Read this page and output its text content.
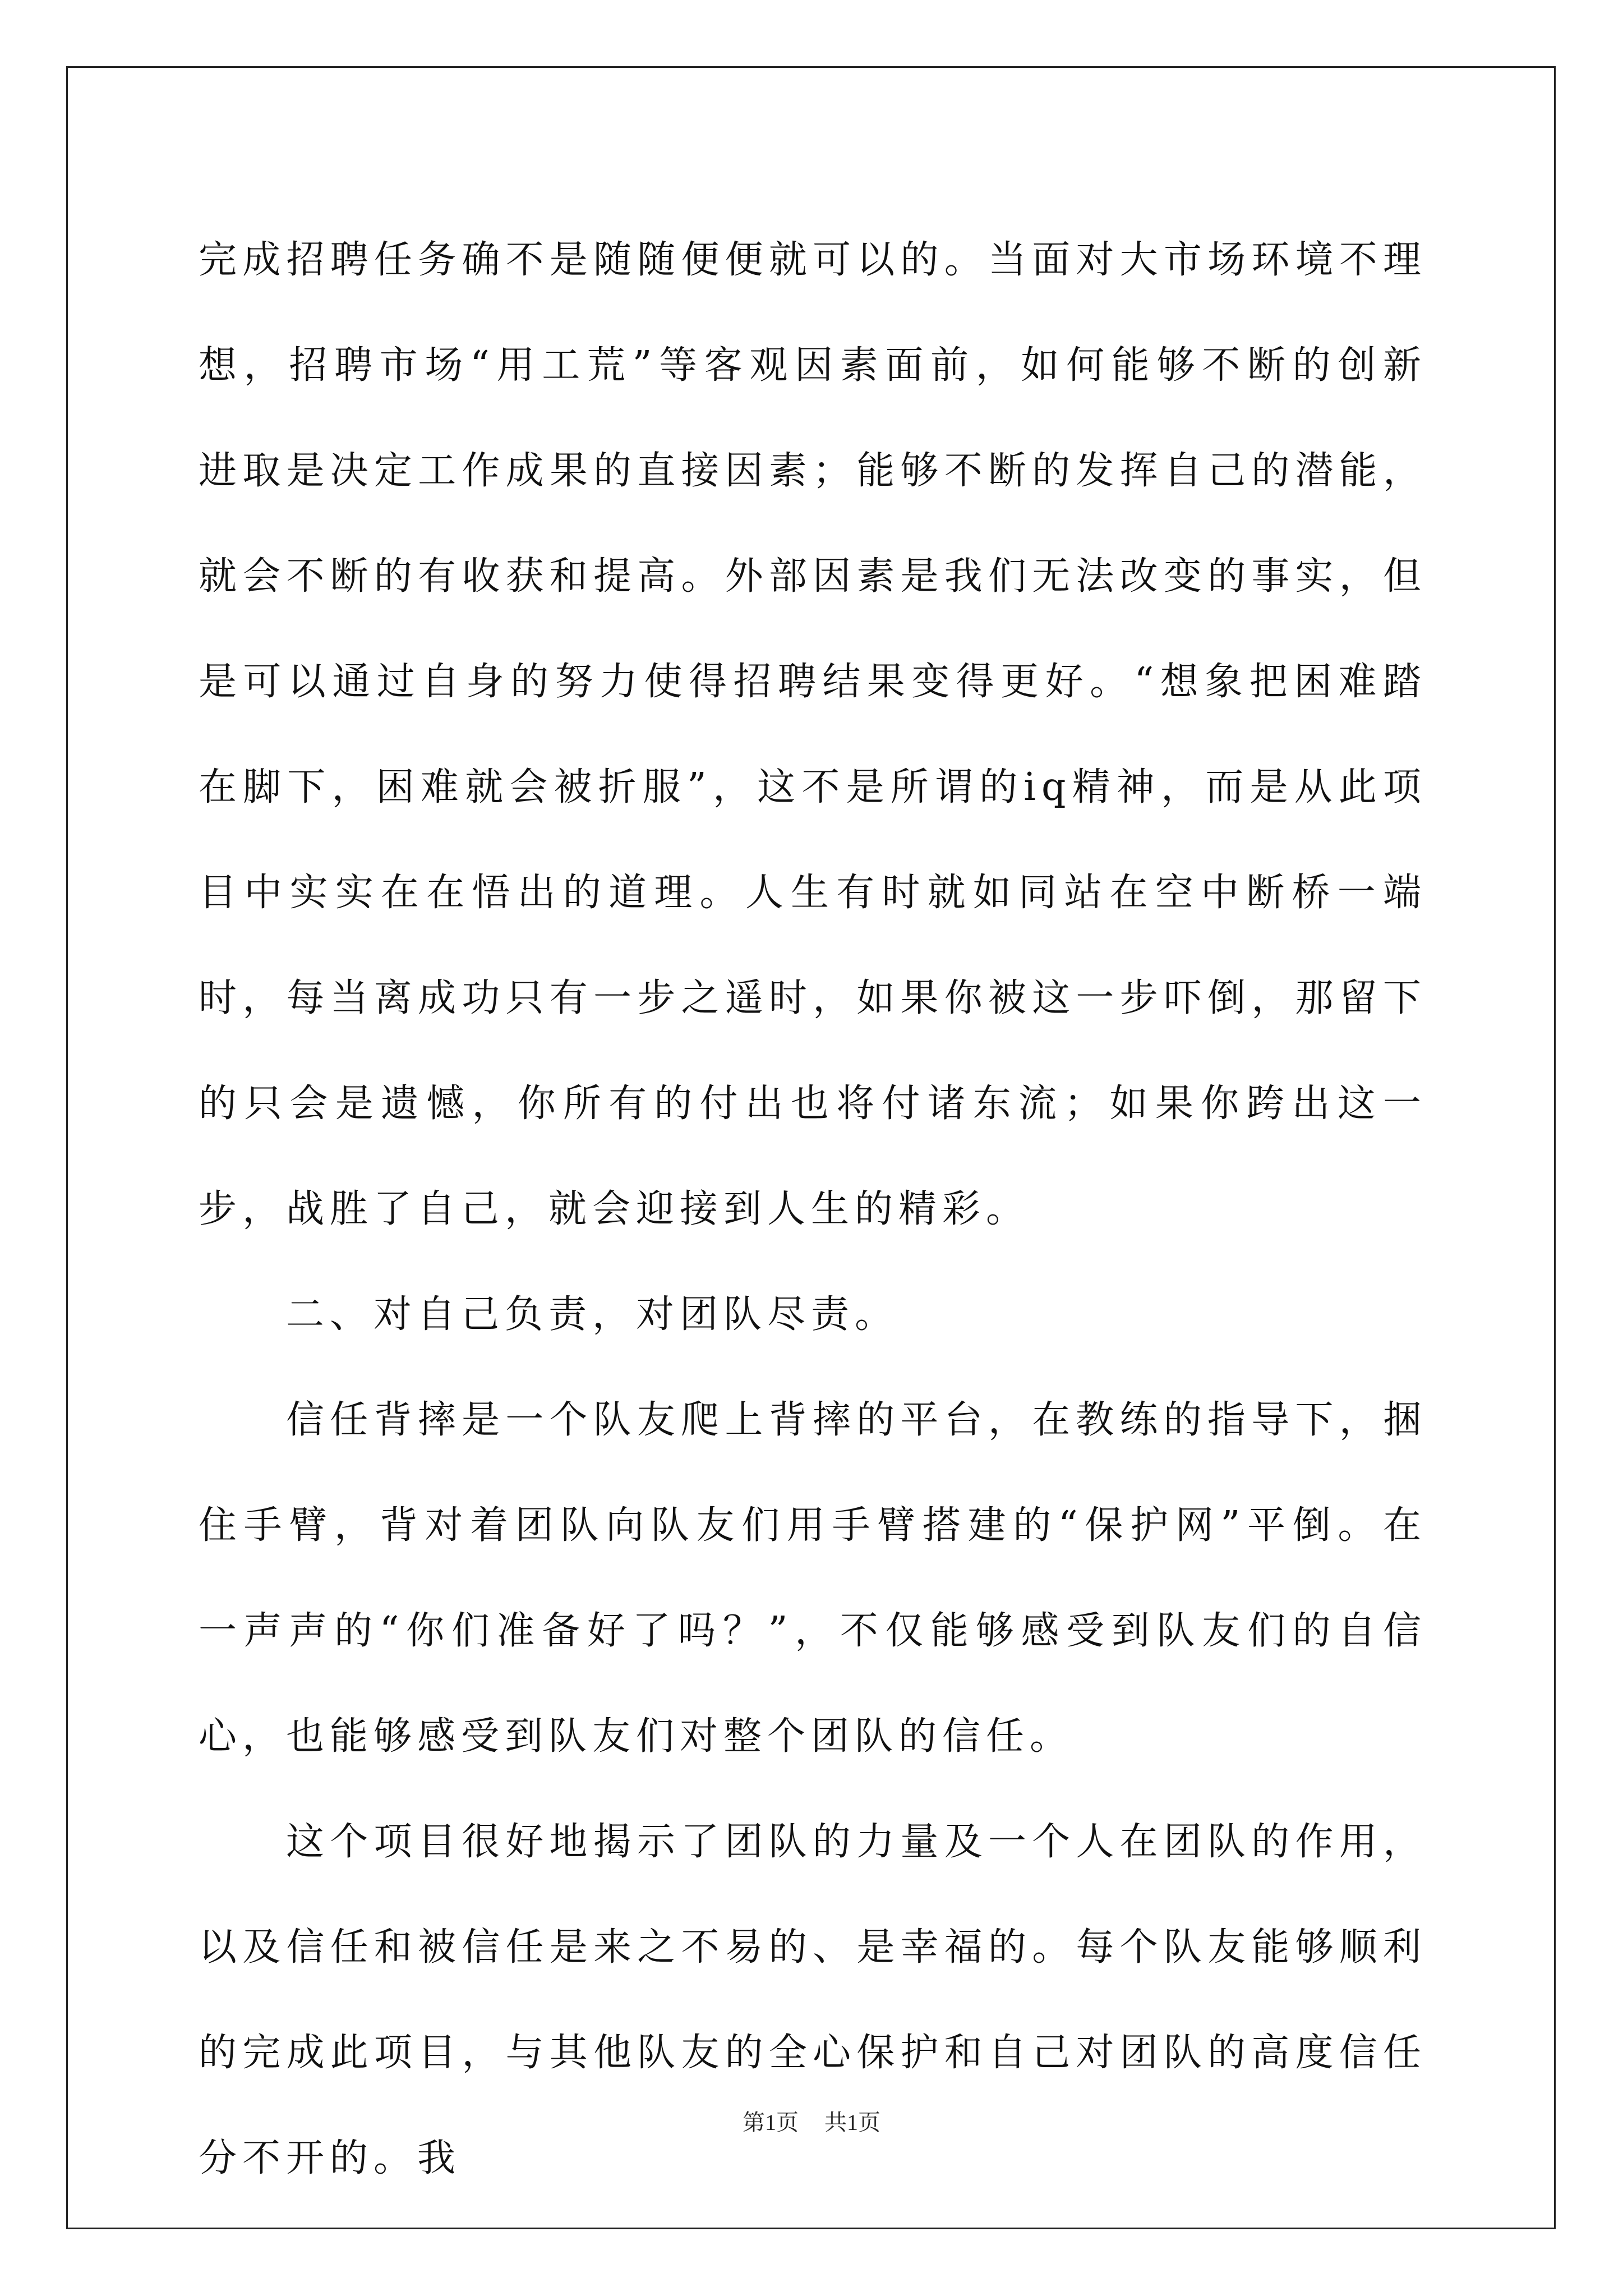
完成招聘任务确不是随随便便就可以的。当面对大市场环境不理想，招聘市场“用工荒”等客观因素面前，如何能够不断的创新进取是决定工作成果的直接因素；能够不断的发挥自己的潜能，就会不断的有收获和提高。外部因素是我们无法改变的事实，但是可以通过自身的努力使得招聘结果变得更好。“想象把困难踏在脚下，困难就会被折服”，这不是所谓的iq精神，而是从此项目中实实在在悟出的道理。人生有时就如同站在空中断桥一端时，每当离成功只有一步之遥时，如果你被这一步吓倒，那留下的只会是遗憾，你所有的付出也将付诸东流；如果你跨出这一步，战胜了自己，就会迎接到人生的精彩。

二、对自己负责，对团队尽责。

信任背摔是一个队友爬上背摔的平台，在教练的指导下，捆住手臂，背对着团队向队友们用手臂搭建的“保护网”平倒。在一声声的“你们准备好了吗？”，不仅能够感受到队友们的自信心，也能够感受到队友们对整个团队的信任。

这个项目很好地揭示了团队的力量及一个人在团队的作用，以及信任和被信任是来之不易的、是幸福的。每个队友能够顺利的完成此项目，与其他队友的全心保护和自己对团队的高度信任分不开的。我

第1页 共1页
